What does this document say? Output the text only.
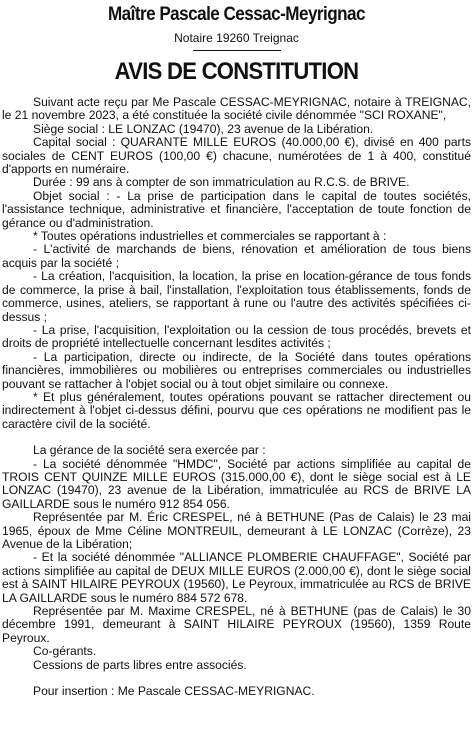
Maître Pascale Cessac-Meyrignac

Notaire 19260 Treignac

AVIS DE CONSTITUTION

Suivant acte reçu par Me Pascale CESSAC-MEYRIGNAC, notaire à TREIGNAC, le 21 novembre 2023, a été constituée la société civile dénommée "SCI ROXANE",

Siège social : LE LONZAC (19470), 23 avenue de la Libération.

Capital social : QUARANTE MILLE EUROS (40.000,00 €), divisé en 400 parts sociales de CENT EUROS (100,00 €) chacune, numérotées de 1 à 400, constitué d'apports en numéraire.

Durée : 99 ans à compter de son immatriculation au R.C.S. de BRIVE.

Objet social : - La prise de participation dans le capital de toutes sociétés, l'assistance technique, administrative et financière, l'acceptation de toute fonction de gérance ou d'administration.

* Toutes opérations industrielles et commerciales se rapportant à :

- L'activité de marchands de biens, rénovation et amélioration de tous biens acquis par la société ;

- La création, l'acquisition, la location, la prise en location-gérance de tous fonds de commerce, la prise à bail, l'installation, l'exploitation tous établissements, fonds de commerce, usines, ateliers, se rapportant à rune ou l'autre des activités spécifiées ci-dessus ;

- La prise, l'acquisition, l'exploitation ou la cession de tous procédés, brevets et droits de propriété intellectuelle concernant lesdites activités ;

- La participation, directe ou indirecte, de la Société dans toutes opérations financières, immobilières ou mobilières ou entreprises commerciales ou industrielles pouvant se rattacher à l'objet social ou à tout objet similaire ou connexe.

* Et plus généralement, toutes opérations pouvant se rattacher directement ou indirectement à l'objet ci-dessus défini, pourvu que ces opérations ne modifient pas le caractère civil de la société.

La gérance de la société sera exercée par :

- La société dénommée "HMDC", Société par actions simplifiée au capital de TROIS CENT QUINZE MILLE EUROS (315.000,00 €), dont le siège social est à LE LONZAC (19470), 23 avenue de la Libération, immatriculée au RCS de BRIVE LA GAILLARDE sous le numéro 912 854 056.

Représentée par M. Éric CRESPEL, né à BETHUNE (Pas de Calais) le 23 mai 1965, époux de Mme Céline MONTREUIL, demeurant à LE LONZAC (Corrèze), 23 Avenue de la Libération;

- Et la société dénommée "ALLIANCE PLOMBERIE CHAUFFAGE", Société par actions simplifiée au capital de DEUX MILLE EUROS (2.000,00 €), dont le siège social est à SAINT HILAIRE PEYROUX (19560), Le Peyroux, immatriculée au RCS de BRIVE LA GAILLARDE sous le numéro 884 572 678.

Représentée par M. Maxime CRESPEL, né à BETHUNE (pas de Calais) le 30 décembre 1991, demeurant à SAINT HILAIRE PEYROUX (19560), 1359 Route Peyroux.

Co-gérants.

Cessions de parts libres entre associés.

Pour insertion : Me Pascale CESSAC-MEYRIGNAC.
